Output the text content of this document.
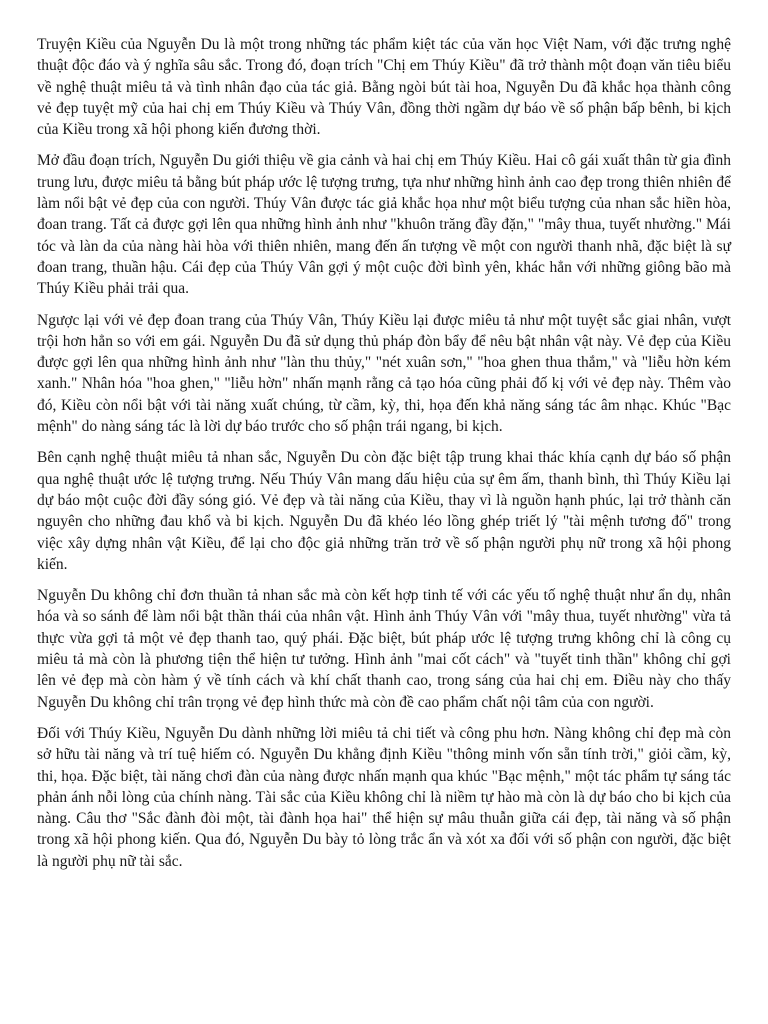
Truyện Kiều của Nguyễn Du là một trong những tác phẩm kiệt tác của văn học Việt Nam, với đặc trưng nghệ thuật độc đáo và ý nghĩa sâu sắc. Trong đó, đoạn trích "Chị em Thúy Kiều" đã trở thành một đoạn văn tiêu biểu về nghệ thuật miêu tả và tình nhân đạo của tác giả. Bằng ngòi bút tài hoa, Nguyễn Du đã khắc họa thành công vẻ đẹp tuyệt mỹ của hai chị em Thúy Kiều và Thúy Vân, đồng thời ngầm dự báo về số phận bấp bênh, bi kịch của Kiều trong xã hội phong kiến đương thời.

Mở đầu đoạn trích, Nguyễn Du giới thiệu về gia cảnh và hai chị em Thúy Kiều. Hai cô gái xuất thân từ gia đình trung lưu, được miêu tả bằng bút pháp ước lệ tượng trưng, tựa như những hình ảnh cao đẹp trong thiên nhiên để làm nổi bật vẻ đẹp của con người. Thúy Vân được tác giả khắc họa như một biểu tượng của nhan sắc hiền hòa, đoan trang. Tất cả được gợi lên qua những hình ảnh như "khuôn trăng đầy đặn," "mây thua, tuyết nhường." Mái tóc và làn da của nàng hài hòa với thiên nhiên, mang đến ấn tượng về một con người thanh nhã, đặc biệt là sự đoan trang, thuần hậu. Cái đẹp của Thúy Vân gợi ý một cuộc đời bình yên, khác hẳn với những giông bão mà Thúy Kiều phải trải qua.

Ngược lại với vẻ đẹp đoan trang của Thúy Vân, Thúy Kiều lại được miêu tả như một tuyệt sắc giai nhân, vượt trội hơn hẳn so với em gái. Nguyễn Du đã sử dụng thủ pháp đòn bẩy để nêu bật nhân vật này. Vẻ đẹp của Kiều được gợi lên qua những hình ảnh như "làn thu thủy," "nét xuân sơn," "hoa ghen thua thắm," và "liễu hờn kém xanh." Nhân hóa "hoa ghen," "liễu hờn" nhấn mạnh rằng cả tạo hóa cũng phải đố kị với vẻ đẹp này. Thêm vào đó, Kiều còn nổi bật với tài năng xuất chúng, từ cầm, kỳ, thi, họa đến khả năng sáng tác âm nhạc. Khúc "Bạc mệnh" do nàng sáng tác là lời dự báo trước cho số phận trái ngang, bi kịch.

Bên cạnh nghệ thuật miêu tả nhan sắc, Nguyễn Du còn đặc biệt tập trung khai thác khía cạnh dự báo số phận qua nghệ thuật ước lệ tượng trưng. Nếu Thúy Vân mang dấu hiệu của sự êm ấm, thanh bình, thì Thúy Kiều lại dự báo một cuộc đời đầy sóng gió. Vẻ đẹp và tài năng của Kiều, thay vì là nguồn hạnh phúc, lại trở thành căn nguyên cho những đau khổ và bi kịch. Nguyễn Du đã khéo léo lồng ghép triết lý "tài mệnh tương đố" trong việc xây dựng nhân vật Kiều, để lại cho độc giả những trăn trở về số phận người phụ nữ trong xã hội phong kiến.

Nguyễn Du không chỉ đơn thuần tả nhan sắc mà còn kết hợp tinh tế với các yếu tố nghệ thuật như ẩn dụ, nhân hóa và so sánh để làm nổi bật thần thái của nhân vật. Hình ảnh Thúy Vân với "mây thua, tuyết nhường" vừa tả thực vừa gợi tả một vẻ đẹp thanh tao, quý phái. Đặc biệt, bút pháp ước lệ tượng trưng không chỉ là công cụ miêu tả mà còn là phương tiện thể hiện tư tưởng. Hình ảnh "mai cốt cách" và "tuyết tinh thần" không chỉ gợi lên vẻ đẹp mà còn hàm ý về tính cách và khí chất thanh cao, trong sáng của hai chị em. Điều này cho thấy Nguyễn Du không chỉ trân trọng vẻ đẹp hình thức mà còn đề cao phẩm chất nội tâm của con người.

Đối với Thúy Kiều, Nguyễn Du dành những lời miêu tả chi tiết và công phu hơn. Nàng không chỉ đẹp mà còn sở hữu tài năng và trí tuệ hiếm có. Nguyễn Du khẳng định Kiều "thông minh vốn sẵn tính trời," giỏi cầm, kỳ, thi, họa. Đặc biệt, tài năng chơi đàn của nàng được nhấn mạnh qua khúc "Bạc mệnh," một tác phẩm tự sáng tác phản ánh nỗi lòng của chính nàng. Tài sắc của Kiều không chỉ là niềm tự hào mà còn là dự báo cho bi kịch của nàng. Câu thơ "Sắc đành đòi một, tài đành họa hai" thể hiện sự mâu thuẫn giữa cái đẹp, tài năng và số phận trong xã hội phong kiến. Qua đó, Nguyễn Du bày tỏ lòng trắc ẩn và xót xa đối với số phận con người, đặc biệt là người phụ nữ tài sắc.
